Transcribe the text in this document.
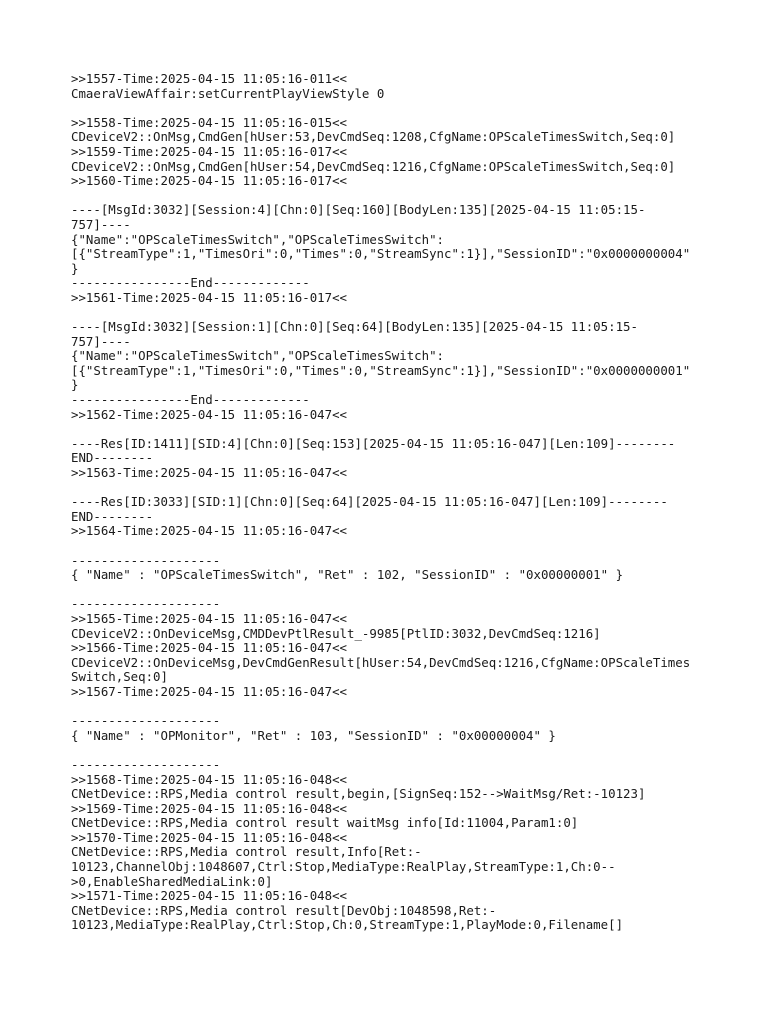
>>1557-Time:2025-04-15 11:05:16-011<<
CmaeraViewAffair:setCurrentPlayViewStyle 0
>>1558-Time:2025-04-15 11:05:16-015<<
CDeviceV2::OnMsg,CmdGen[hUser:53,DevCmdSeq:1208,CfgName:OPScaleTimesSwitch,Seq:0]
>>1559-Time:2025-04-15 11:05:16-017<<
CDeviceV2::OnMsg,CmdGen[hUser:54,DevCmdSeq:1216,CfgName:OPScaleTimesSwitch,Seq:0]
>>1560-Time:2025-04-15 11:05:16-017<<
----[MsgId:3032][Session:4][Chn:0][Seq:160][BodyLen:135][2025-04-15 11:05:15-
757]----
{"Name":"OPScaleTimesSwitch","OPScaleTimesSwitch":
[{"StreamType":1,"TimesOri":0,"Times":0,"StreamSync":1}],"SessionID":"0x0000000004"
}
----------------End-------------
>>1561-Time:2025-04-15 11:05:16-017<<
----[MsgId:3032][Session:1][Chn:0][Seq:64][BodyLen:135][2025-04-15 11:05:15-
757]----
{"Name":"OPScaleTimesSwitch","OPScaleTimesSwitch":
[{"StreamType":1,"TimesOri":0,"Times":0,"StreamSync":1}],"SessionID":"0x0000000001"
}
----------------End-------------
>>1562-Time:2025-04-15 11:05:16-047<<
----Res[ID:1411][SID:4][Chn:0][Seq:153][2025-04-15 11:05:16-047][Len:109]--------
END--------
>>1563-Time:2025-04-15 11:05:16-047<<
----Res[ID:3033][SID:1][Chn:0][Seq:64][2025-04-15 11:05:16-047][Len:109]--------
END--------
>>1564-Time:2025-04-15 11:05:16-047<<
--------------------
{ "Name" : "OPScaleTimesSwitch", "Ret" : 102, "SessionID" : "0x00000001" }
--------------------
>>1565-Time:2025-04-15 11:05:16-047<<
CDeviceV2::OnDeviceMsg,CMDDevPtlResult_-9985[PtlID:3032,DevCmdSeq:1216]
>>1566-Time:2025-04-15 11:05:16-047<<
CDeviceV2::OnDeviceMsg,DevCmdGenResult[hUser:54,DevCmdSeq:1216,CfgName:OPScaleTimes
Switch,Seq:0]
>>1567-Time:2025-04-15 11:05:16-047<<
--------------------
{ "Name" : "OPMonitor", "Ret" : 103, "SessionID" : "0x00000004" }
--------------------
>>1568-Time:2025-04-15 11:05:16-048<<
CNetDevice::RPS,Media control result,begin,[SignSeq:152-->WaitMsg/Ret:-10123]
>>1569-Time:2025-04-15 11:05:16-048<<
CNetDevice::RPS,Media control result waitMsg info[Id:11004,Param1:0]
>>1570-Time:2025-04-15 11:05:16-048<<
CNetDevice::RPS,Media control result,Info[Ret:-
10123,ChannelObj:1048607,Ctrl:Stop,MediaType:RealPlay,StreamType:1,Ch:0--
>0,EnableSharedMediaLink:0]
>>1571-Time:2025-04-15 11:05:16-048<<
CNetDevice::RPS,Media control result[DevObj:1048598,Ret:-
10123,MediaType:RealPlay,Ctrl:Stop,Ch:0,StreamType:1,PlayMode:0,Filename[]
